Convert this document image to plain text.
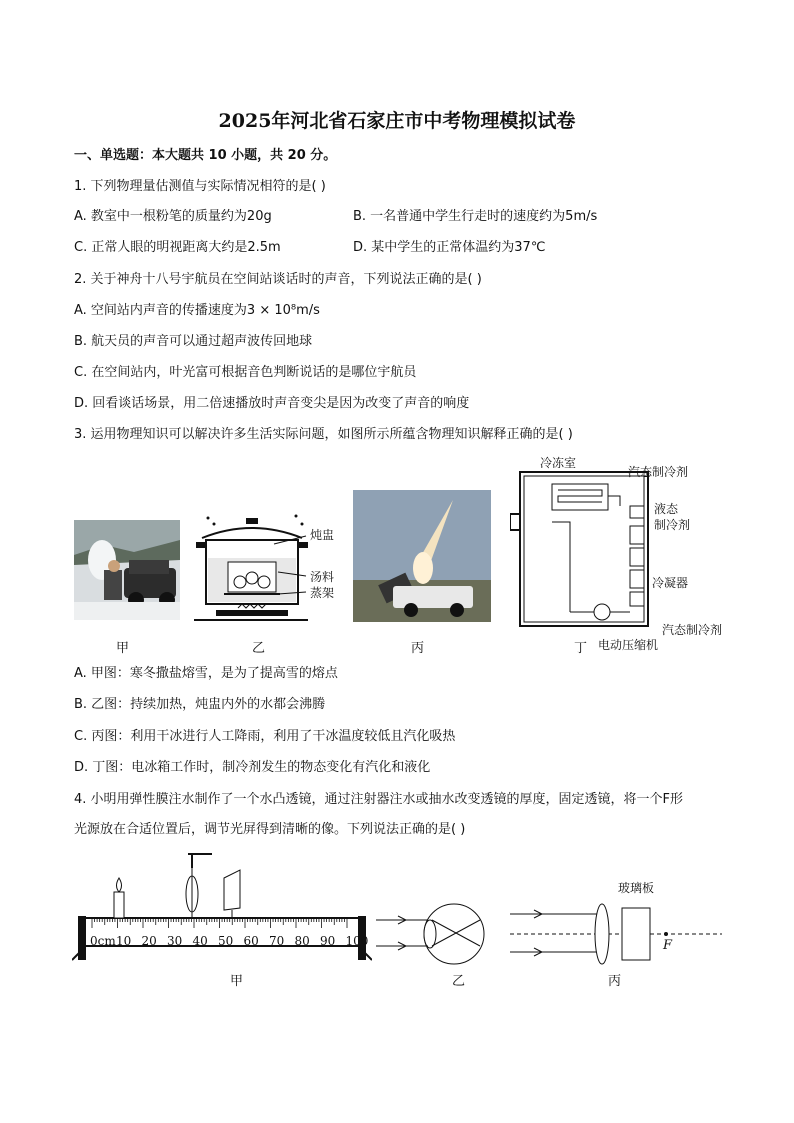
2025年河北省石家庄市中考物理模拟试卷
一、单选题：本大题共 10 小题，共 20 分。
1. 下列物理量估测值与实际情况相符的是( )
A. 教室中一根粉笔的质量约为20g	B. 一名普通中学生行走时的速度约为5m/s
C. 正常人眼的明视距离大约是2.5m	D. 某中学生的正常体温约为37℃
2. 关于神舟十八号宇航员在空间站谈话时的声音，下列说法正确的是( )
A. 空间站内声音的传播速度为3 × 10⁸m/s
B. 航天员的声音可以通过超声波传回地球
C. 在空间站内，叶光富可根据音色判断说话的是哪位宇航员
D. 回看谈话场景，用二倍速播放时声音变尖是因为改变了声音的响度
3. 运用物理知识可以解决许多生活实际问题，如图所示所蕴含物理知识解释正确的是( )
炖盅
汤料
蒸架
冷冻室
汽态制冷剂
液态
制冷剂
冷凝器
汽态制冷剂
电动压缩机
甲	乙	丙	丁
A. 甲图：寒冬撒盐熔雪，是为了提高雪的熔点
B. 乙图：持续加热，炖盅内外的水都会沸腾
C. 丙图：利用干冰进行人工降雨，利用了干冰温度较低且汽化吸热
D. 丁图：电冰箱工作时，制冷剂发生的物态变化有汽化和液化
4. 小明用弹性膜注水制作了一个水凸透镜，通过注射器注水或抽水改变透镜的厚度，固定透镜，将一个F形
光源放在合适位置后，调节光屏得到清晰的像。下列说法正确的是( )
0cm 10 20 30 40 50 60 70 80 90 100
玻璃板
F
甲	乙	丙
